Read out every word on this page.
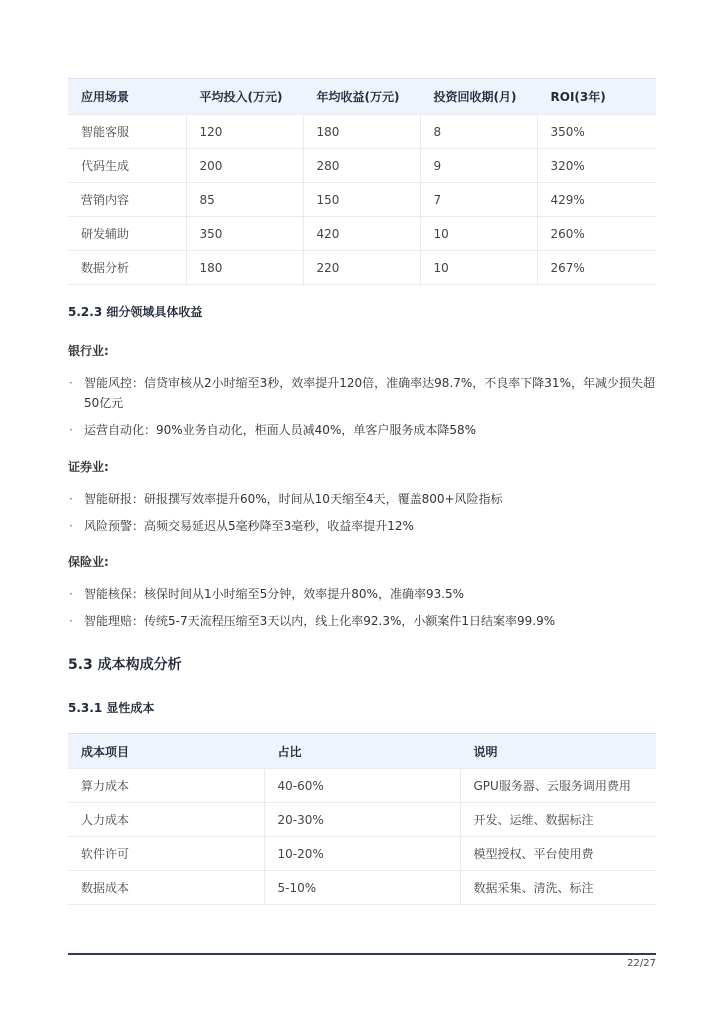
应用场景	平均投入(万元)	年均收益(万元)	投资回收期(月)	ROI(3年)
智能客服	120	180	8	350%
代码生成	200	280	9	320%
营销内容	85	150	7	429%
研发辅助	350	420	10	260%
数据分析	180	220	10	267%
5.2.3 细分领域具体收益

银行业:

· 智能风控：信贷审核从2小时缩至3秒，效率提升120倍，准确率达98.7%，不良率下降31%，年减少损失超50亿元
· 运营自动化：90%业务自动化，柜面人员减40%，单客户服务成本降58%

证券业:

· 智能研报：研报撰写效率提升60%，时间从10天缩至4天，覆盖800+风险指标
· 风险预警：高频交易延迟从5毫秒降至3毫秒，收益率提升12%

保险业:

· 智能核保：核保时间从1小时缩至5分钟，效率提升80%，准确率93.5%
· 智能理赔：传统5-7天流程压缩至3天以内，线上化率92.3%，小额案件1日结案率99.9%
5.3 成本构成分析
5.3.1 显性成本
成本项目	占比	说明
算力成本	40-60%	GPU服务器、云服务调用费用
人力成本	20-30%	开发、运维、数据标注
软件许可	10-20%	模型授权、平台使用费
数据成本	5-10%	数据采集、清洗、标注
22/27
